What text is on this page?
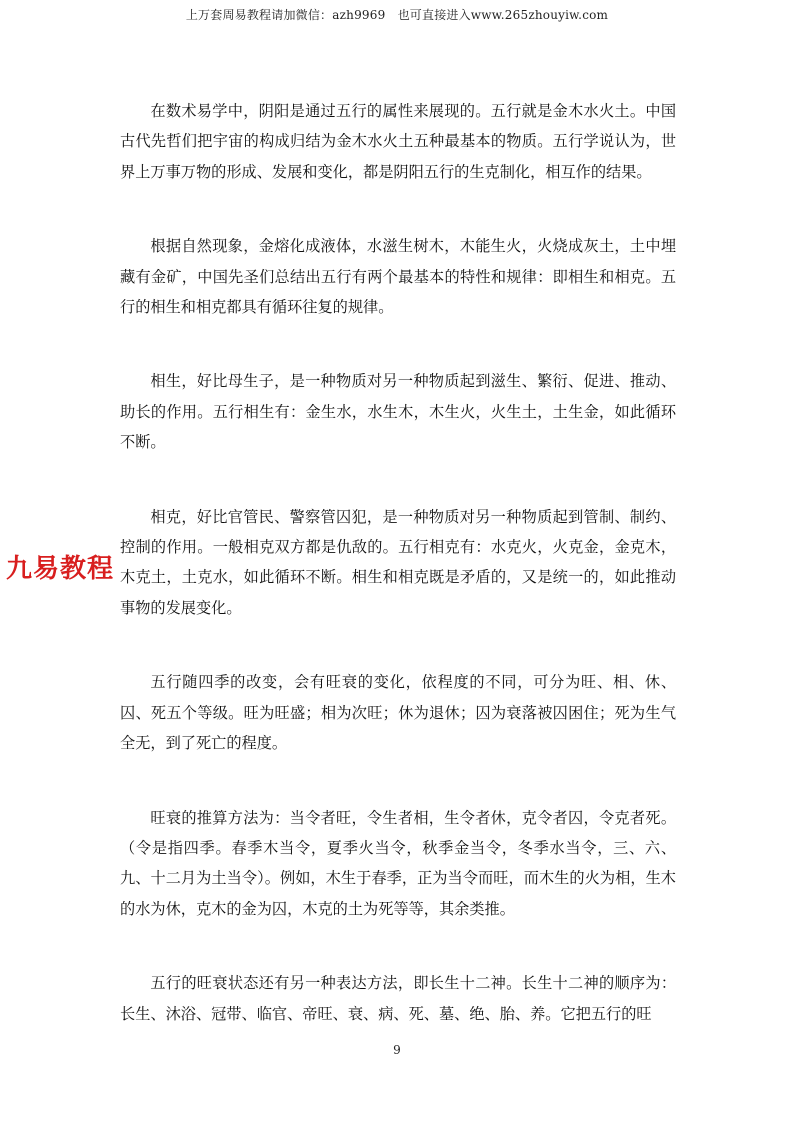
上万套周易教程请加微信：azh9969　也可直接进入www.265zhouyiw.com

在数术易学中，阴阳是通过五行的属性来展现的。五行就是金木水火土。中国古代先哲们把宇宙的构成归结为金木水火土五种最基本的物质。五行学说认为，世界上万事万物的形成、发展和变化，都是阴阳五行的生克制化，相互作的结果。

根据自然现象，金熔化成液体，水滋生树木，木能生火，火烧成灰土，土中埋藏有金矿，中国先圣们总结出五行有两个最基本的特性和规律：即相生和相克。五行的相生和相克都具有循环往复的规律。

相生，好比母生子，是一种物质对另一种物质起到滋生、繁衍、促进、推动、助长的作用。五行相生有：金生水，水生木，木生火，火生土，土生金，如此循环不断。

相克，好比官管民、警察管囚犯，是一种物质对另一种物质起到管制、制约、控制的作用。一般相克双方都是仇敌的。五行相克有：水克火，火克金，金克木，木克土，土克水，如此循环不断。相生和相克既是矛盾的，又是统一的，如此推动事物的发展变化。

五行随四季的改变，会有旺衰的变化，依程度的不同，可分为旺、相、休、囚、死五个等级。旺为旺盛；相为次旺；休为退休；囚为衰落被囚困住；死为生气全无，到了死亡的程度。

旺衰的推算方法为：当令者旺，令生者相，生令者休，克令者囚，令克者死。（令是指四季。春季木当令，夏季火当令，秋季金当令，冬季水当令，三、六、九、十二月为土当令）。例如，木生于春季，正为当令而旺，而木生的火为相，生木的水为休，克木的金为囚，木克的土为死等等，其余类推。

五行的旺衰状态还有另一种表达方法，即长生十二神。长生十二神的顺序为：长生、沐浴、冠带、临官、帝旺、衰、病、死、墓、绝、胎、养。它把五行的旺

九易教程
9
